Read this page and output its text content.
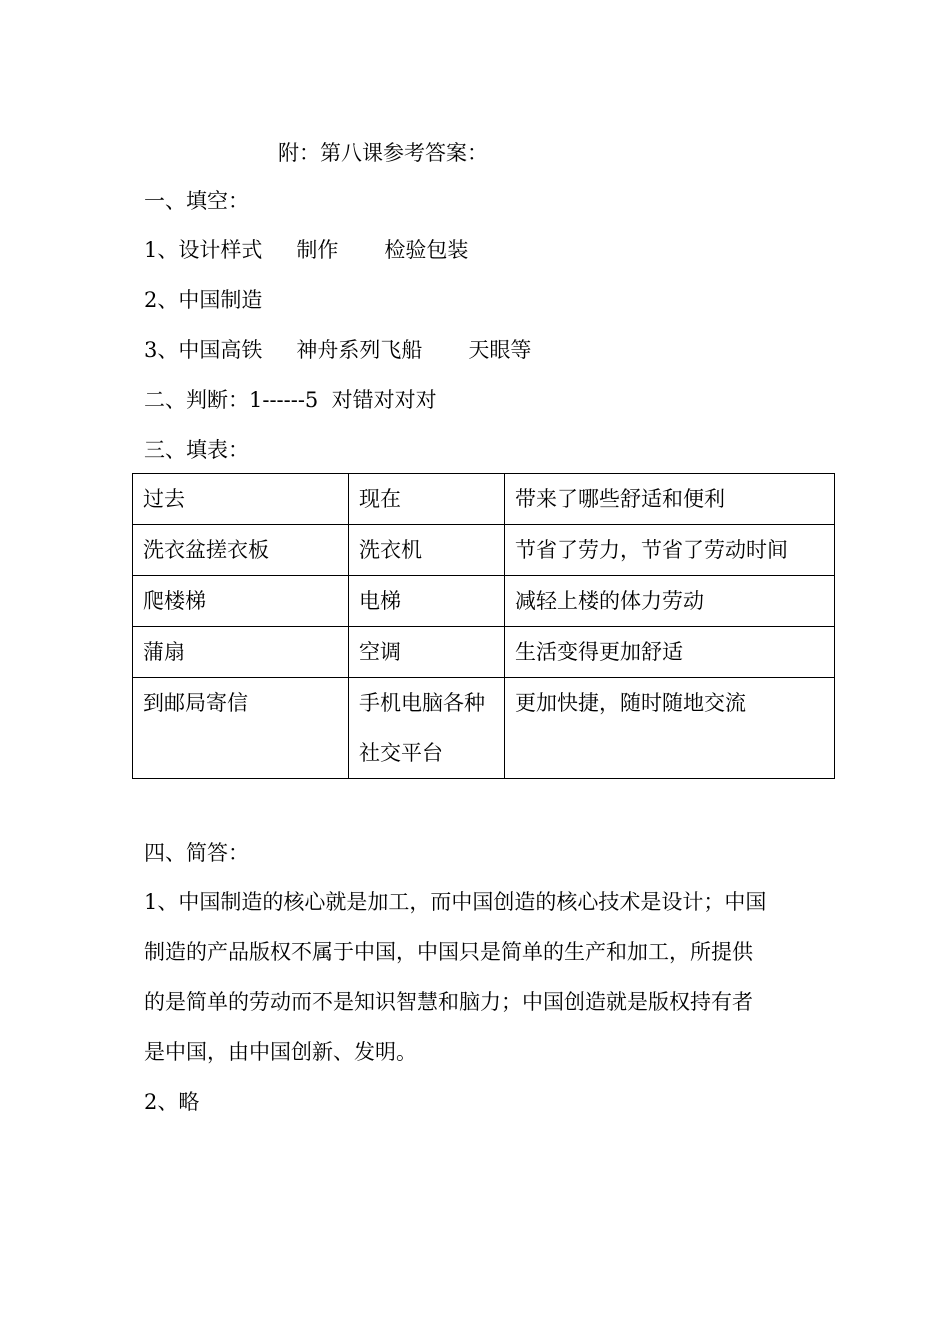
附：第八课参考答案：
一、填空：
1、设计样式 制作 检验包装
2、中国制造
3、中国高铁 神舟系列飞船 天眼等
二、判断：1------5  对错对对对
三、填表：
过去	现在	带来了哪些舒适和便利
洗衣盆搓衣板	洗衣机	节省了劳力，节省了劳动时间
爬楼梯	电梯	减轻上楼的体力劳动
蒲扇	空调	生活变得更加舒适
到邮局寄信	手机电脑各种社交平台	更加快捷，随时随地交流
四、简答：
1、中国制造的核心就是加工，而中国创造的核心技术是设计；中国
制造的产品版权不属于中国，中国只是简单的生产和加工，所提供
的是简单的劳动而不是知识智慧和脑力；中国创造就是版权持有者
是中国，由中国创新、发明。
2、略
